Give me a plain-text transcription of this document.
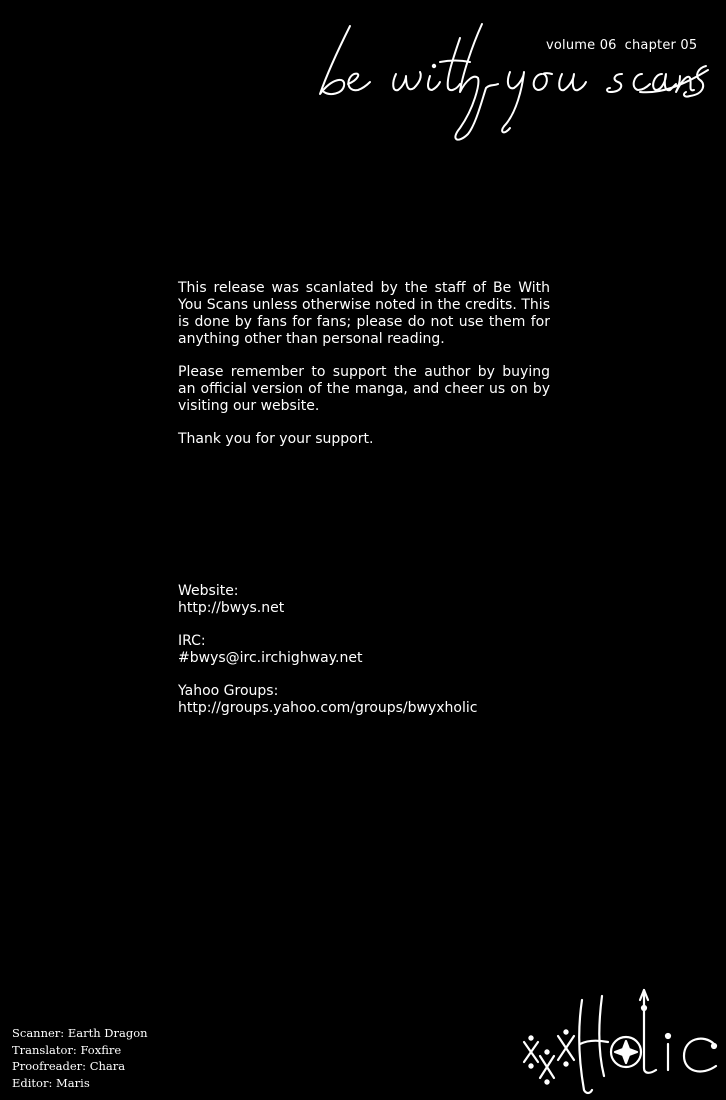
volume 06 chapter 05

This release was scanlated by the staff of Be With You Scans unless otherwise noted in the credits. This is done by fans for fans; please do not use them for anything other than personal reading.

Please remember to support the author by buying an official version of the manga, and cheer us on by visiting our website.

Thank you for your support.

Website:
http://bwys.net
IRC:
#bwys@irc.irchighway.net
Yahoo Groups:
http://groups.yahoo.com/groups/bwyxholic
Scanner: Earth Dragon
Translator: Foxfire
Proofreader: Chara
Editor: Maris
